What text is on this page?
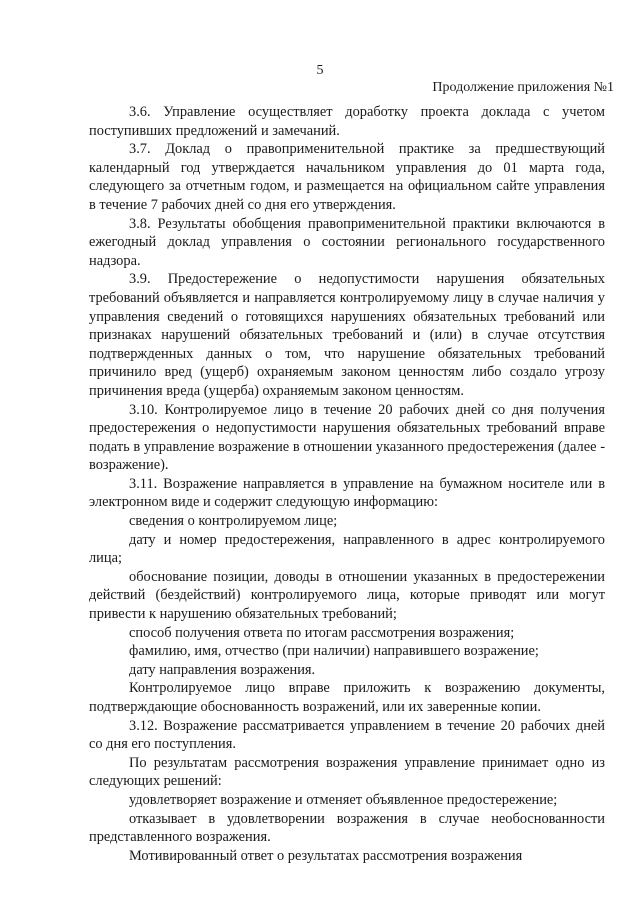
5
Продолжение приложения №1

3.6. Управление осуществляет доработку проекта доклада с учетом поступивших предложений и замечаний.

3.7. Доклад о правоприменительной практике за предшествующий календарный год утверждается начальником управления до 01 марта года, следующего за отчетным годом, и размещается на официальном сайте управления в течение 7 рабочих дней со дня его утверждения.

3.8. Результаты обобщения правоприменительной практики включаются в ежегодный доклад управления о состоянии регионального государственного надзора.

3.9. Предостережение о недопустимости нарушения обязательных требований объявляется и направляется контролируемому лицу в случае наличия у управления сведений о готовящихся нарушениях обязательных требований или признаках нарушений обязательных требований и (или) в случае отсутствия подтвержденных данных о том, что нарушение обязательных требований причинило вред (ущерб) охраняемым законом ценностям либо создало угрозу причинения вреда (ущерба) охраняемым законом ценностям.

3.10. Контролируемое лицо в течение 20 рабочих дней со дня получения предостережения о недопустимости нарушения обязательных требований вправе подать в управление возражение в отношении указанного предостережения (далее - возражение).

3.11. Возражение направляется в управление на бумажном носителе или в электронном виде и содержит следующую информацию:

сведения о контролируемом лице;

дату и номер предостережения, направленного в адрес контролируемого лица;

обоснование позиции, доводы в отношении указанных в предостережении действий (бездействий) контролируемого лица, которые приводят или могут привести к нарушению обязательных требований;

способ получения ответа по итогам рассмотрения возражения;

фамилию, имя, отчество (при наличии) направившего возражение;

дату направления возражения.

Контролируемое лицо вправе приложить к возражению документы, подтверждающие обоснованность возражений, или их заверенные копии.

3.12. Возражение рассматривается управлением в течение 20 рабочих дней со дня его поступления.

По результатам рассмотрения возражения управление принимает одно из следующих решений:

удовлетворяет возражение и отменяет объявленное предостережение;

отказывает в удовлетворении возражения в случае необоснованности представленного возражения.

Мотивированный ответ о результатах рассмотрения возражения
